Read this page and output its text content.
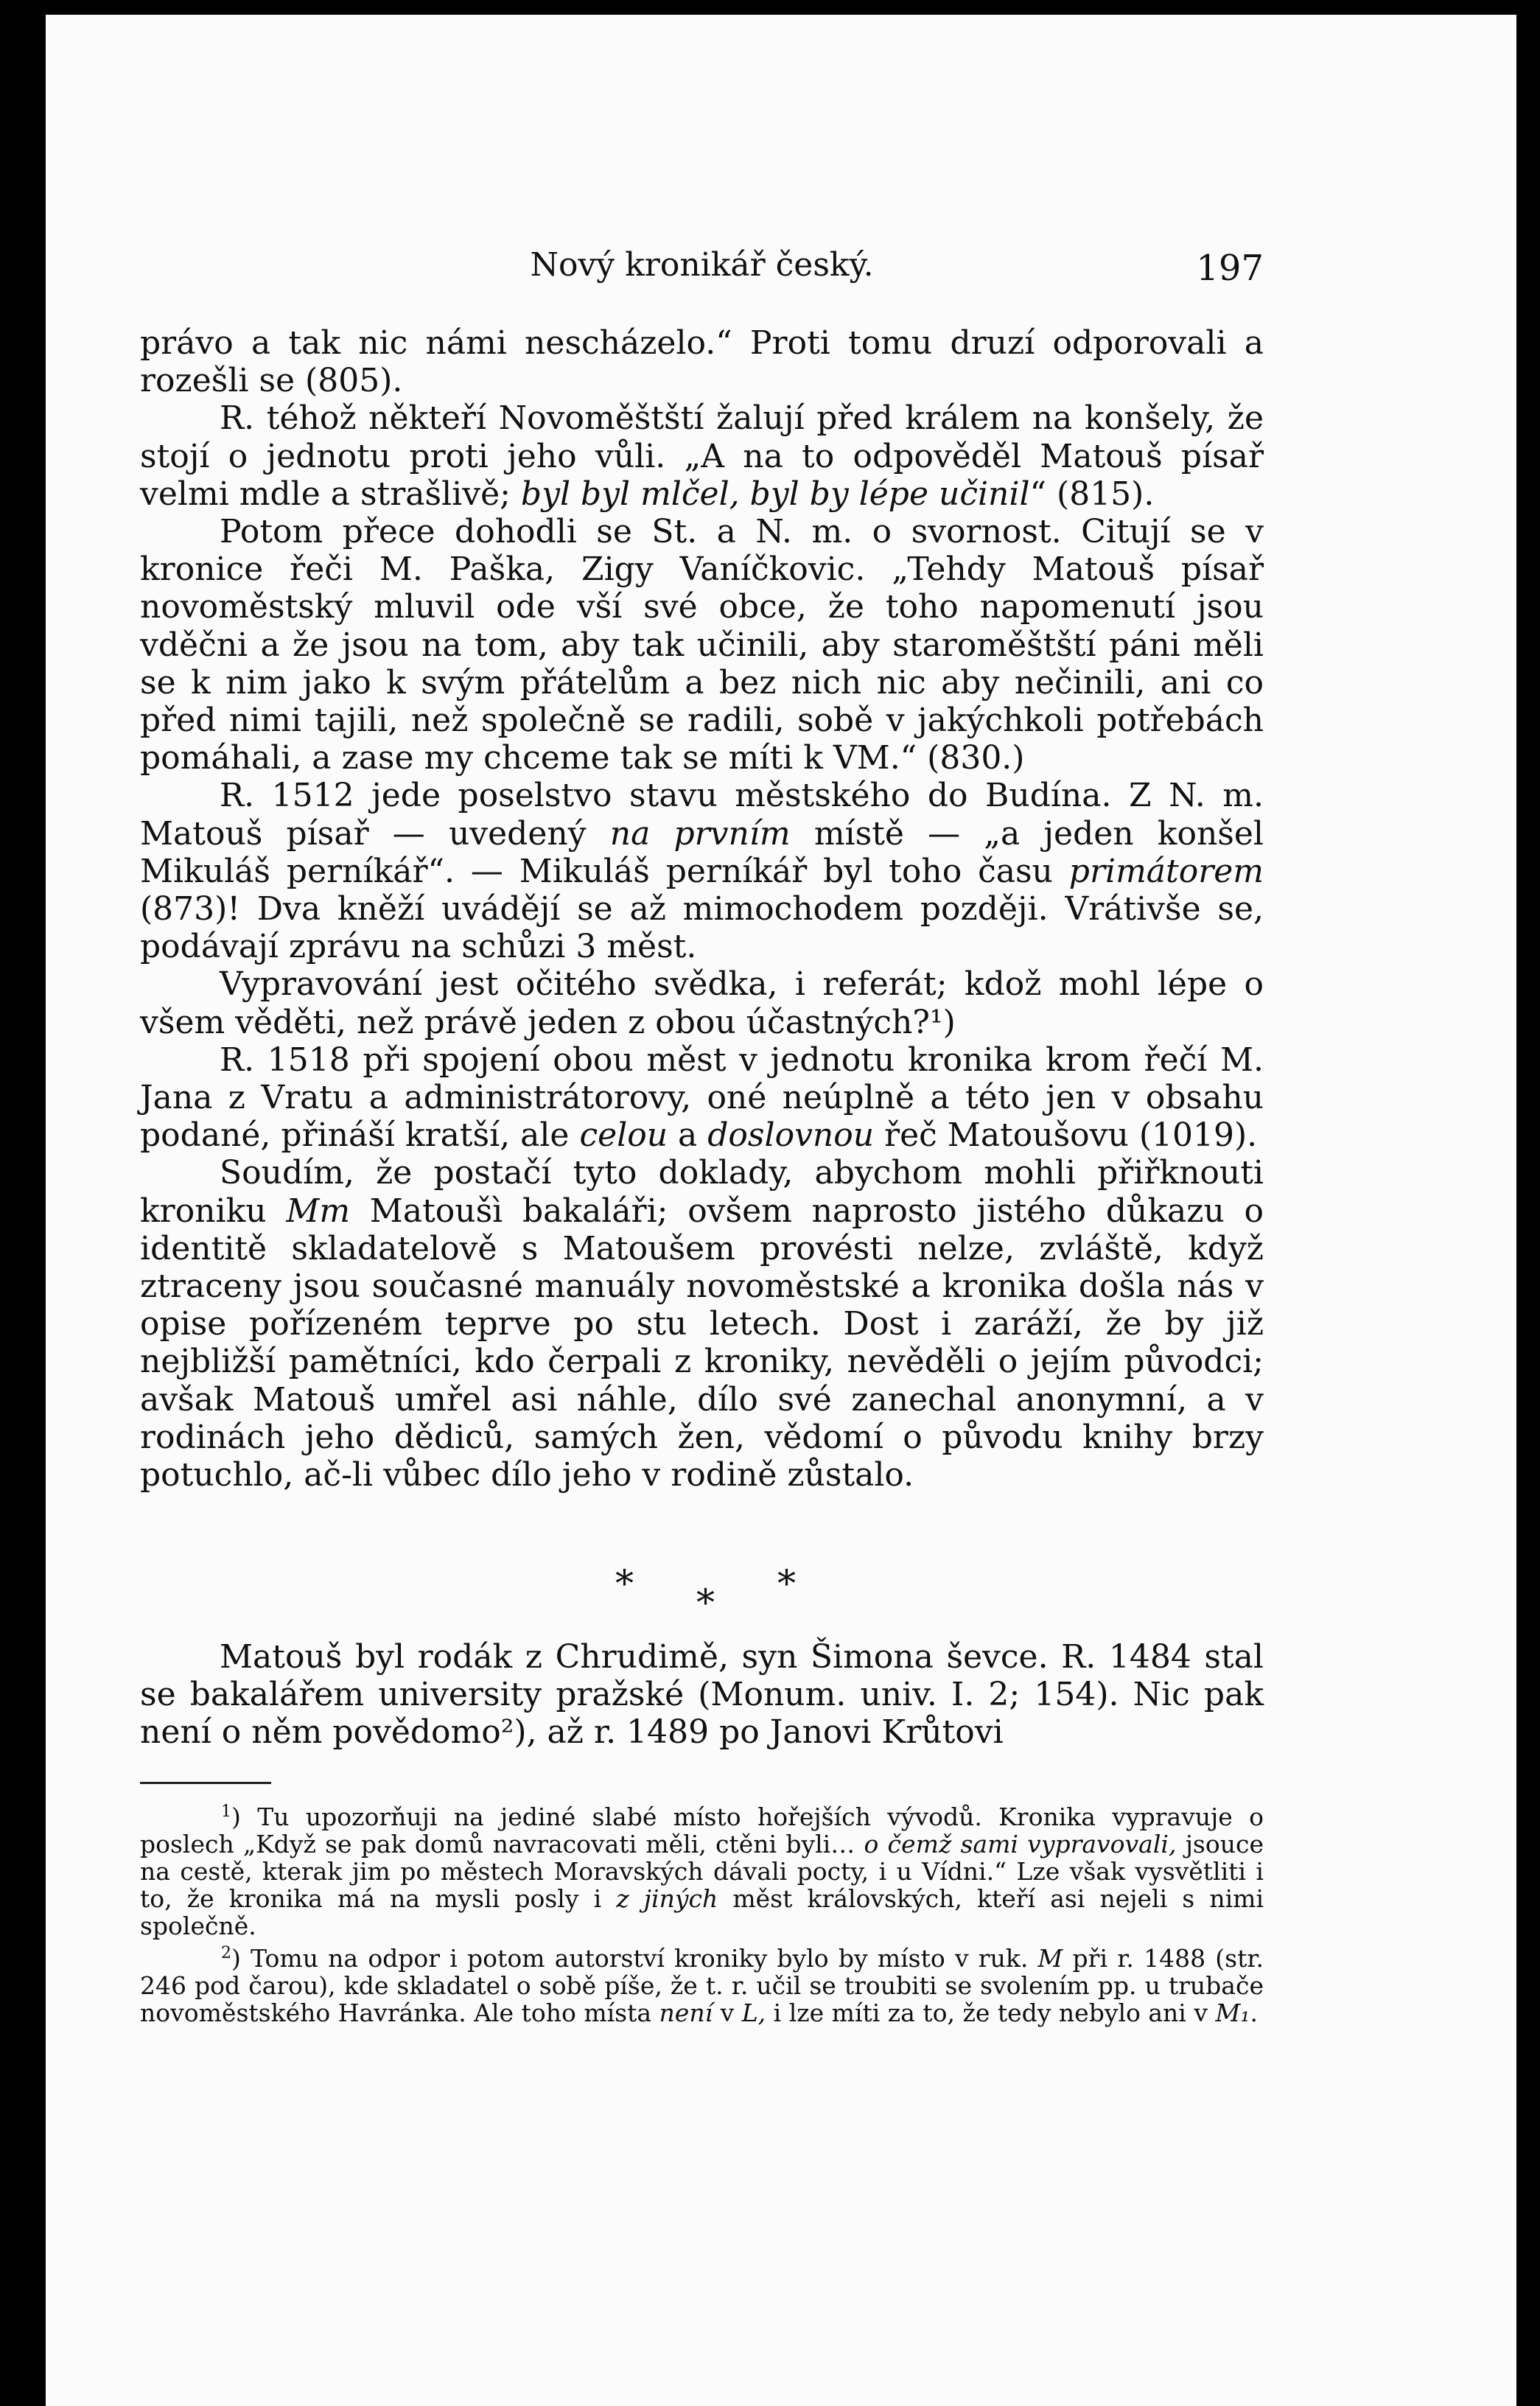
Nový kronikář český.	197

právo a tak nic námi nescházelo.“ Proti tomu druzí odporovali a rozešli se (805).

R. téhož někteří Novoměštští žalují před králem na konšely, že stojí o jednotu proti jeho vůli. „A na to odpověděl Matouš písař velmi mdle a strašlivě; byl byl mlčel, byl by lépe učinil“ (815).

Potom přece dohodli se St. a N. m. o svornost. Citují se v kronice řeči M. Paška, Zigy Vaníčkovic. „Tehdy Matouš písař novoměstský mluvil ode vší své obce, že toho napomenutí jsou vděčni a že jsou na tom, aby tak učinili, aby staroměštští páni měli se k nim jako k svým přátelům a bez nich nic aby nečinili, ani co před nimi tajili, než společně se radili, sobě v jakýchkoli potřebách pomáhali, a zase my chceme tak se míti k VM.“ (830.)

R. 1512 jede poselstvo stavu městského do Budína. Z N. m. Matouš písař — uvedený na prvním místě — „a jeden konšel Mikuláš perníkář“. — Mikuláš perníkář byl toho času primátorem (873)! Dva kněží uvádějí se až mimochodem později. Vrátivše se, podávají zprávu na schůzi 3 měst.

Vypravování jest očitého svědka, i referát; kdož mohl lépe o všem věděti, než právě jeden z obou účastných?¹)

R. 1518 při spojení obou měst v jednotu kronika krom řečí M. Jana z Vratu a administrátorovy, oné neúplně a této jen v obsahu podané, přináší kratší, ale celou a doslovnou řeč Matoušovu (1019).

Soudím, že postačí tyto doklady, abychom mohli přiřknouti kroniku Mm Matoušì bakaláři; ovšem naprosto jistého důkazu o identitě skladatelově s Matoušem provésti nelze, zvláště, když ztraceny jsou současné manuály novoměstské a kronika došla nás v opise pořízeném teprve po stu letech. Dost i zaráží, že by již nejbližší pamětníci, kdo čerpali z kroniky, nevěděli o jejím původci; avšak Matouš umřel asi náhle, dílo své zanechal anonymní, a v rodinách jeho dědiců, samých žen, vědomí o původu knihy brzy potuchlo, ač-li vůbec dílo jeho v rodině zůstalo.

* * *

Matouš byl rodák z Chrudimě, syn Šimona ševce. R. 1484 stal se bakalářem university pražské (Monum. univ. I. 2; 154). Nic pak není o něm povědomo²), až r. 1489 po Janovi Krůtovi

$^1$) Tu upozorňuji na jediné slabé místo hořejších vývodů. Kronika vypravuje o poslech „Když se pak domů navracovati měli, ctěni byli… o čemž sami vypravovali, jsouce na cestě, kterak jim po městech Moravských dávali pocty, i u Vídni.“ Lze však vysvětliti i to, že kronika má na mysli posly i z jiných měst královských, kteří asi nejeli s nimi společně.

$^2$) Tomu na odpor i potom autorství kroniky bylo by místo v ruk. M při r. 1488 (str. 246 pod čarou), kde skladatel o sobě píše, že t. r. učil se troubiti se svolením pp. u trubače novoměstského Havránka. Ale toho místa není v L, i lze míti za to, že tedy nebylo ani v M₁.
